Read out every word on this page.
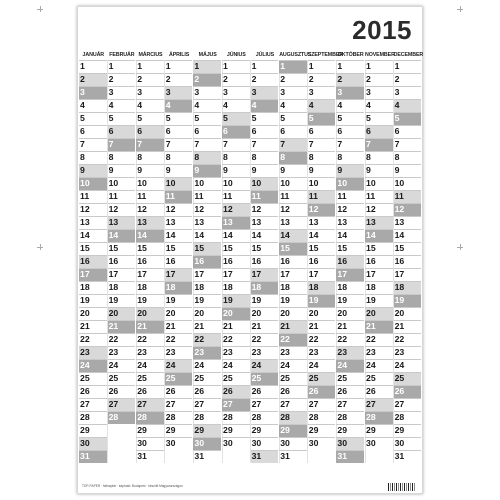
2015
TOP-PAPER · falinaptár · kapható: Budapest · készült Magyarországon
JANUÁR
1
2
3
4
5
6
7
8
9
10
11
12
13
14
15
16
17
18
19
20
21
22
23
24
25
26
27
28
29
30
31
FEBRUÁR
1
2
3
4
5
6
7
8
9
10
11
12
13
14
15
16
17
18
19
20
21
22
23
24
25
26
27
28
MÁRCIUS
1
2
3
4
5
6
7
8
9
10
11
12
13
14
15
16
17
18
19
20
21
22
23
24
25
26
27
28
29
30
31
ÁPRILIS
1
2
3
4
5
6
7
8
9
10
11
12
13
14
15
16
17
18
19
20
21
22
23
24
25
26
27
28
29
30
MÁJUS
1
2
3
4
5
6
7
8
9
10
11
12
13
14
15
16
17
18
19
20
21
22
23
24
25
26
27
28
29
30
31
JÚNIUS
1
2
3
4
5
6
7
8
9
10
11
12
13
14
15
16
17
18
19
20
21
22
23
24
25
26
27
28
29
30
JÚLIUS
1
2
3
4
5
6
7
8
9
10
11
12
13
14
15
16
17
18
19
20
21
22
23
24
25
26
27
28
29
30
31
AUGUSZTUS
1
2
3
4
5
6
7
8
9
10
11
12
13
14
15
16
17
18
19
20
21
22
23
24
25
26
27
28
29
30
31
SZEPTEMBER
1
2
3
4
5
6
7
8
9
10
11
12
13
14
15
16
17
18
19
20
21
22
23
24
25
26
27
28
29
30
OKTÓBER
1
2
3
4
5
6
7
8
9
10
11
12
13
14
15
16
17
18
19
20
21
22
23
24
25
26
27
28
29
30
31
NOVEMBER
1
2
3
4
5
6
7
8
9
10
11
12
13
14
15
16
17
18
19
20
21
22
23
24
25
26
27
28
29
30
DECEMBER
1
2
3
4
5
6
7
8
9
10
11
12
13
14
15
16
17
18
19
20
21
22
23
24
25
26
27
28
29
30
31
